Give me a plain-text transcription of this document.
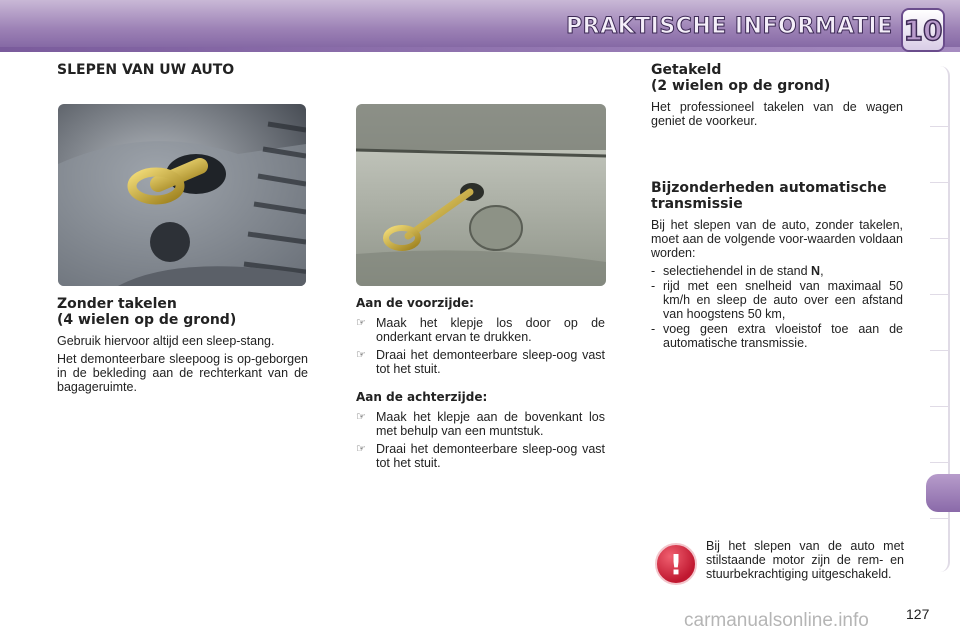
PRAKTISCHE INFORMATIE 10
SLEPEN VAN UW AUTO
Zonder takelen
(4 wielen op de grond)

Gebruik hiervoor altijd een sleep-stang.

Het demonteerbare sleepoog is op-geborgen in de bekleding aan de rechterkant van de bagageruimte.

Aan de voorzijde:

☞ Maak het klepje los door op de onderkant ervan te drukken.
☞ Draai het demonteerbare sleep-oog vast tot het stuit.

Aan de achterzijde:

☞ Maak het klepje aan de bovenkant los met behulp van een muntstuk.
☞ Draai het demonteerbare sleep-oog vast tot het stuit.
Getakeld
(2 wielen op de grond)

Het professioneel takelen van de wagen geniet de voorkeur.

Bijzonderheden automatische
transmissie

Bij het slepen van de auto, zonder takelen, moet aan de volgende voor-waarden voldaan worden:

- selectiehendel in de stand N,
- rijd met een snelheid van maximaal 50 km/h en sleep de auto over een afstand van hoogstens 50 km,
- voeg geen extra vloeistof toe aan de automatische transmissie.
!
Bij het slepen van de auto met stilstaande motor zijn de rem- en stuurbekrachtiging uitgeschakeld.
carmanualsonline.info	127
